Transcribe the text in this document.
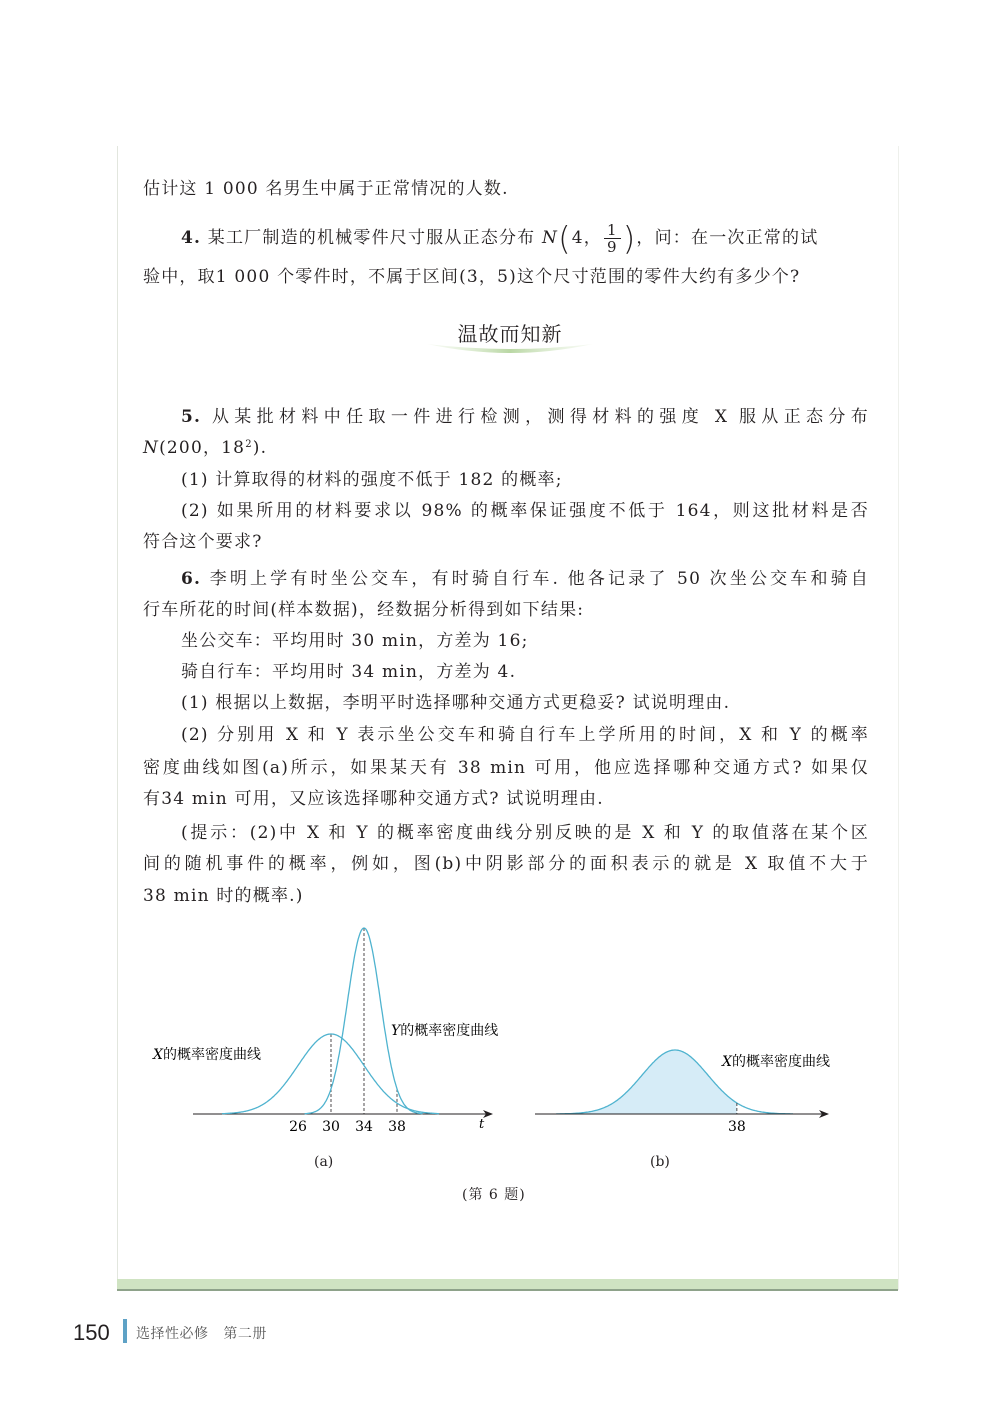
估计这 1 000 名男生中属于正常情况的人数.
4. 某工厂制造的机械零件尺寸服从正态分布 N(4， $\frac{1}{9}$ )，问：在一次正常的试
验中，取1 000 个零件时，不属于区间(3，5)这个尺寸范围的零件大约有多少个?
温故而知新
5. 从某批材料中任取一件进行检测，测得材料的强度 X 服从正态分布
N(200，$18^2$).
(1) 计算取得的材料的强度不低于 182 的概率;
(2) 如果所用的材料要求以 98% 的概率保证强度不低于 164，则这批材料是否
符合这个要求?
6. 李明上学有时坐公交车，有时骑自行车. 他各记录了 50 次坐公交车和骑自
行车所花的时间(样本数据)，经数据分析得到如下结果:
坐公交车：平均用时 30 min，方差为 16;
骑自行车：平均用时 34 min，方差为 4.
(1) 根据以上数据，李明平时选择哪种交通方式更稳妥? 试说明理由.
(2) 分别用 X 和 Y 表示坐公交车和骑自行车上学所用的时间，X 和 Y 的概率
密度曲线如图(a)所示，如果某天有 38 min 可用，他应选择哪种交通方式? 如果仅
有34 min 可用，又应该选择哪种交通方式? 试说明理由.
(提示：(2)中 X 和 Y 的概率密度曲线分别反映的是 X 和 Y 的取值落在某个区
间的随机事件的概率，例如，图(b)中阴影部分的面积表示的就是 X 取值不大于
38 min 时的概率.)
26 30 34 38	t
X的概率密度曲线
Y的概率密度曲线
38
X的概率密度曲线
(a)	(b)
(第 6 题)
150 选择性必修 第二册
